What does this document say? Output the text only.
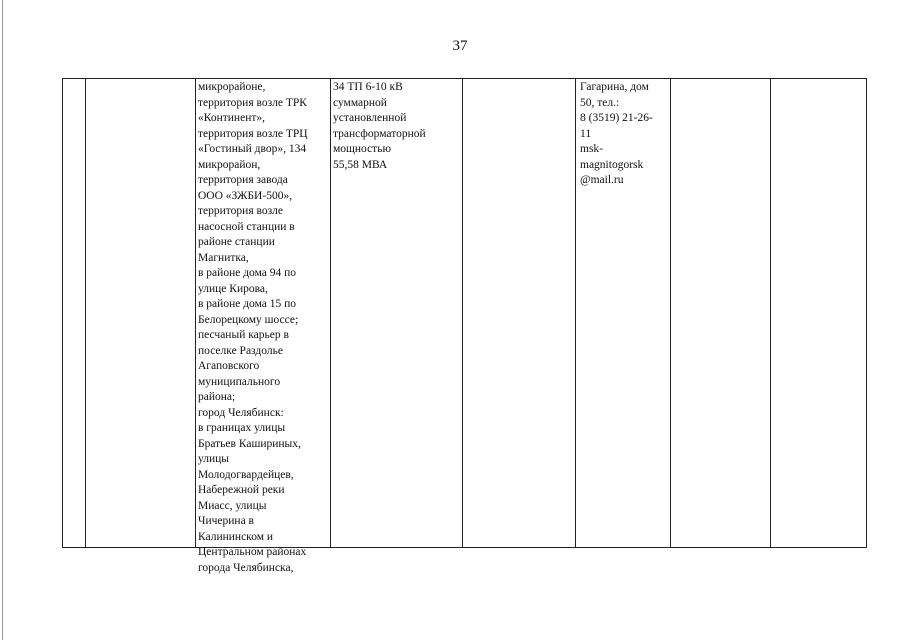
37
микрорайоне,
территория возле ТРК
«Континент»,
территория возле ТРЦ
«Гостиный двор», 134
микрорайон,
территория завода
ООО «ЗЖБИ-500»,
территория возле
насосной станции в
районе станции
Магнитка,
в районе дома 94 по
улице Кирова,
в районе дома 15 по
Белорецкому шоссе;
песчаный карьер в
поселке Раздолье
Агаповского
муниципального
района;
город Челябинск:
в границах улицы
Братьев Кашириных,
улицы
Молодогвардейцев,
Набережной реки
Миасс, улицы
Чичерина в
Калининском и
Центральном районах
города Челябинска,
34 ТП 6-10 кВ
суммарной
установленной
трансформаторной
мощностью
55,58 МВА
Гагарина, дом
50, тел.:
8 (3519) 21-26-
11
msk-
magnitogorsk
@mail.ru
